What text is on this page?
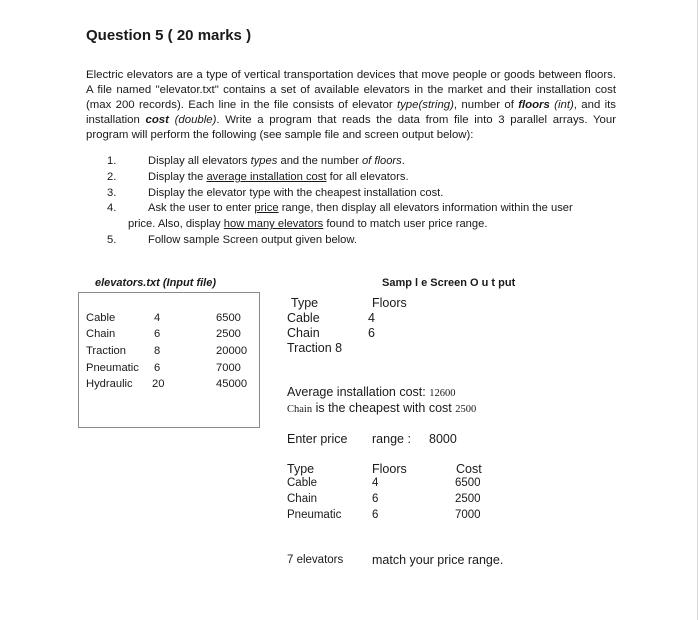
Question 5 ( 20 marks )

Electric elevators are a type of vertical transportation devices that move people or goods between floors. A file named "elevator.txt" contains a set of available elevators in the market and their installation cost (max 200 records). Each line in the file consists of elevator type(string), number of floors (int), and its installation cost (double). Write a program that reads the data from file into 3 parallel arrays. Your program will perform the following (see sample file and screen output below):

1.	Display all elevators types and the number of floors.
2.	Display the average installation cost for all elevators.
3.	Display the elevator type with the cheapest installation cost.
4.	Ask the user to enter price range, then display all elevators information within the user
price. Also, display how many elevators found to match user price range.
5.	Follow sample Screen output given below.
elevators.txt (Input file)
Cable	4	6500
Chain	6	2500
Traction	8	20000
Pneumatic 6	7000
Hydraulic 20	45000
Samp l e Screen O u t put
Type	Floors
Cable	4
Chain	6
Traction 8
Average installation cost: 12600
Chain is the cheapest with cost 2500
Enter price range : 8000
Type	Floors	Cost
Cable	4	6500
Chain	6	2500
Pneumatic	6	7000
7 elevators match your price range.
